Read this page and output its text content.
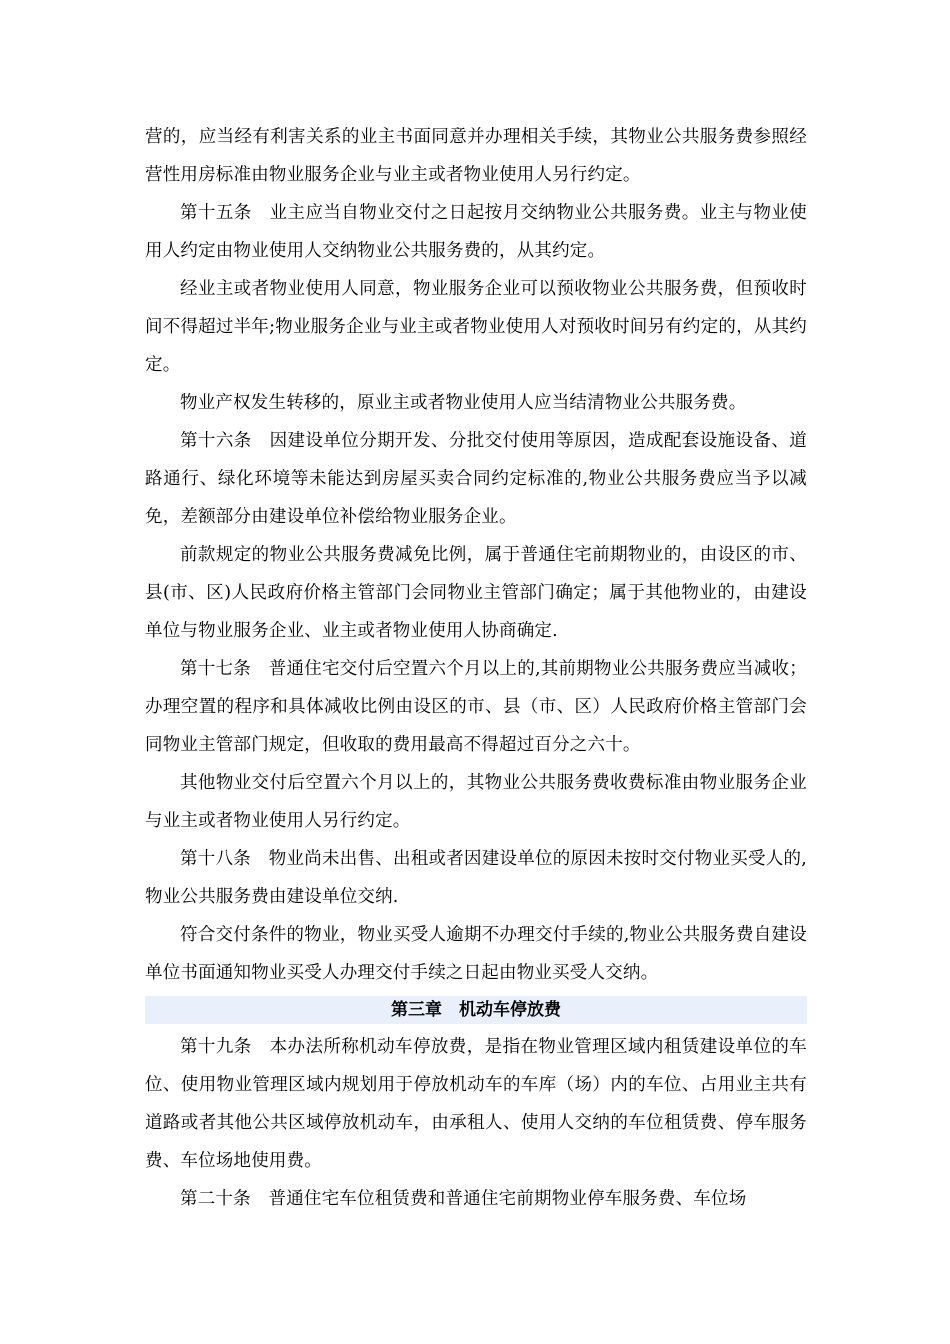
营的，应当经有利害关系的业主书面同意并办理相关手续，其物业公共服务费参照经营性用房标准由物业服务企业与业主或者物业使用人另行约定。

第十五条　业主应当自物业交付之日起按月交纳物业公共服务费。业主与物业使用人约定由物业使用人交纳物业公共服务费的，从其约定。

经业主或者物业使用人同意，物业服务企业可以预收物业公共服务费，但预收时间不得超过半年;物业服务企业与业主或者物业使用人对预收时间另有约定的，从其约定。

物业产权发生转移的，原业主或者物业使用人应当结清物业公共服务费。

第十六条　因建设单位分期开发、分批交付使用等原因，造成配套设施设备、道路通行、绿化环境等未能达到房屋买卖合同约定标准的,物业公共服务费应当予以减免，差额部分由建设单位补偿给物业服务企业。

前款规定的物业公共服务费减免比例，属于普通住宅前期物业的，由设区的市、县(市、区)人民政府价格主管部门会同物业主管部门确定；属于其他物业的，由建设单位与物业服务企业、业主或者物业使用人协商确定.

第十七条　普通住宅交付后空置六个月以上的,其前期物业公共服务费应当减收；办理空置的程序和具体减收比例由设区的市、县（市、区）人民政府价格主管部门会同物业主管部门规定，但收取的费用最高不得超过百分之六十。

其他物业交付后空置六个月以上的，其物业公共服务费收费标准由物业服务企业与业主或者物业使用人另行约定。

第十八条　物业尚未出售、出租或者因建设单位的原因未按时交付物业买受人的,物业公共服务费由建设单位交纳.

符合交付条件的物业，物业买受人逾期不办理交付手续的,物业公共服务费自建设单位书面通知物业买受人办理交付手续之日起由物业买受人交纳。

第三章　机动车停放费

第十九条　本办法所称机动车停放费，是指在物业管理区域内租赁建设单位的车位、使用物业管理区域内规划用于停放机动车的车库（场）内的车位、占用业主共有道路或者其他公共区域停放机动车，由承租人、使用人交纳的车位租赁费、停车服务费、车位场地使用费。

第二十条　普通住宅车位租赁费和普通住宅前期物业停车服务费、车位场
